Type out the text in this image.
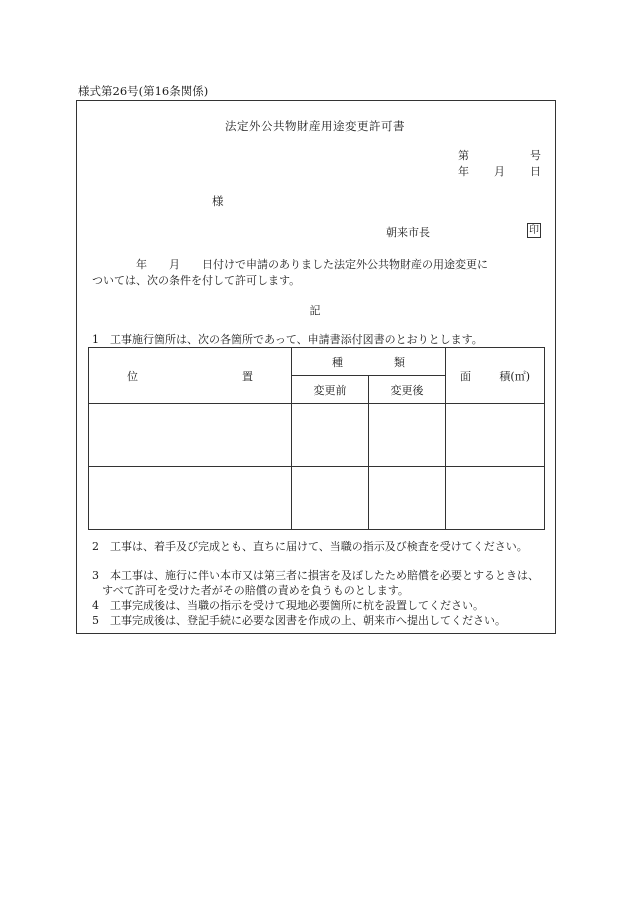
様式第26号(第16条関係)
法定外公共物財産用途変更許可書
第	号
年 月 日
様
朝来市長	印
　　　　年　　月　　日付けで申請のありました法定外公共物財産の用途変更に
ついては、次の条件を付して許可します。
記
1　工事施行箇所は、次の各箇所であって、申請書添付図書のとおりとします。
位 置	種 類		面 積(㎡)

	変更前	変更後	

2　工事は、着手及び完成とも、直ちに届けて、当職の指示及び検査を受けてください。
3　本工事は、施行に伴い本市又は第三者に損害を及ぼしたため賠償を必要とするときは、すべて許可を受けた者がその賠償の責めを負うものとします。
4　工事完成後は、当職の指示を受けて現地必要箇所に杭を設置してください。
5　工事完成後は、登記手続に必要な図書を作成の上、朝来市へ提出してください。
